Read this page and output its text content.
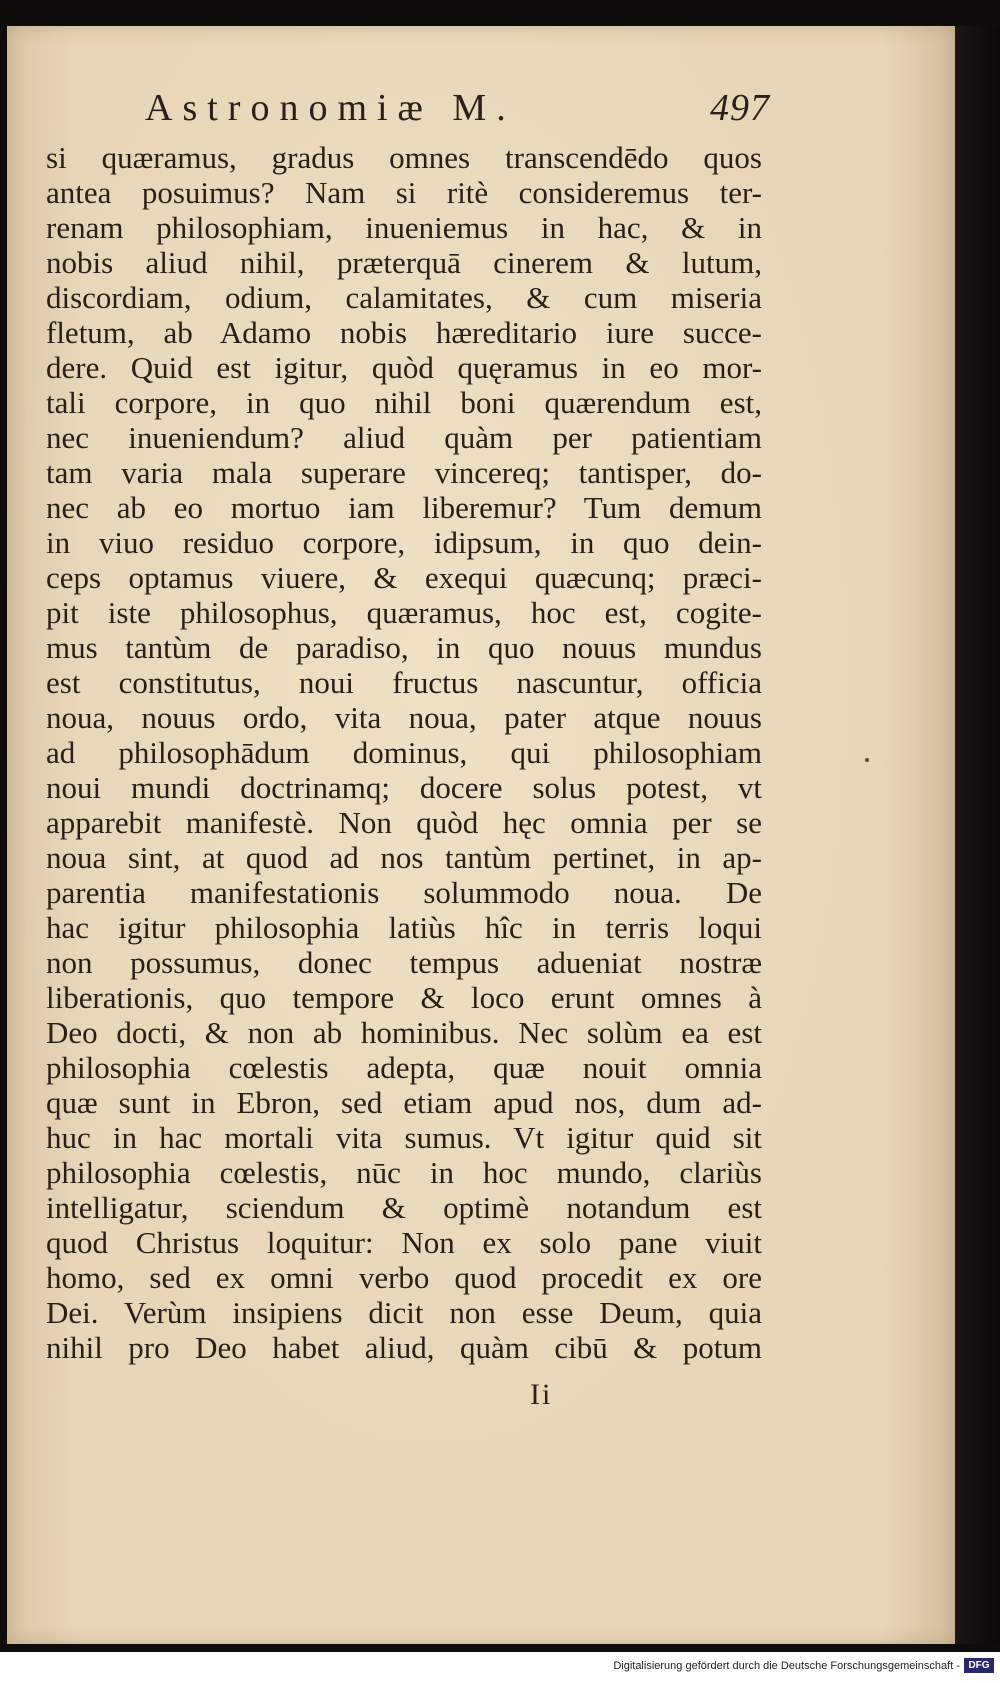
Astronomiæ M.	497
si quæramus, gradus omnes transcendēdo quos
antea posuimus? Nam si ritè consideremus ter-
renam philosophiam, inueniemus in hac, & in
nobis aliud nihil, præterquā cinerem & lutum,
discordiam, odium, calamitates, & cum miseria
fletum, ab Adamo nobis hæreditario iure succe-
dere. Quid est igitur, quòd quęramus in eo mor-
tali corpore, in quo nihil boni quærendum est,
nec inueniendum? aliud quàm per patientiam
tam varia mala superare vincereq; tantisper, do-
nec ab eo mortuo iam liberemur? Tum demum
in viuo residuo corpore, idipsum, in quo dein-
ceps optamus viuere, & exequi quæcunq; præci-
pit iste philosophus, quæramus, hoc est, cogite-
mus tantùm de paradiso, in quo nouus mundus
est constitutus, noui fructus nascuntur, officia
noua, nouus ordo, vita noua, pater atque nouus
ad philosophādum dominus, qui philosophiam
noui mundi doctrinamq; docere solus potest, vt
apparebit manifestè. Non quòd hęc omnia per se
noua sint, at quod ad nos tantùm pertinet, in ap-
parentia manifestationis solummodo noua. De
hac igitur philosophia latiùs hîc in terris loqui
non possumus, donec tempus adueniat nostræ
liberationis, quo tempore & loco erunt omnes à
Deo docti, & non ab hominibus. Nec solùm ea est
philosophia cœlestis adepta, quæ nouit omnia
quæ sunt in Ebron, sed etiam apud nos, dum ad-
huc in hac mortali vita sumus. Vt igitur quid sit
philosophia cœlestis, nūc in hoc mundo, clariùs
intelligatur, sciendum & optimè notandum est
quod Christus loquitur: Non ex solo pane viuit
homo, sed ex omni verbo quod procedit ex ore
Dei. Verùm insipiens dicit non esse Deum, quia
nihil pro Deo habet aliud, quàm cibū & potum
Ii
Digitalisierung gefördert durch die Deutsche Forschungsgemeinschaft - DFG
